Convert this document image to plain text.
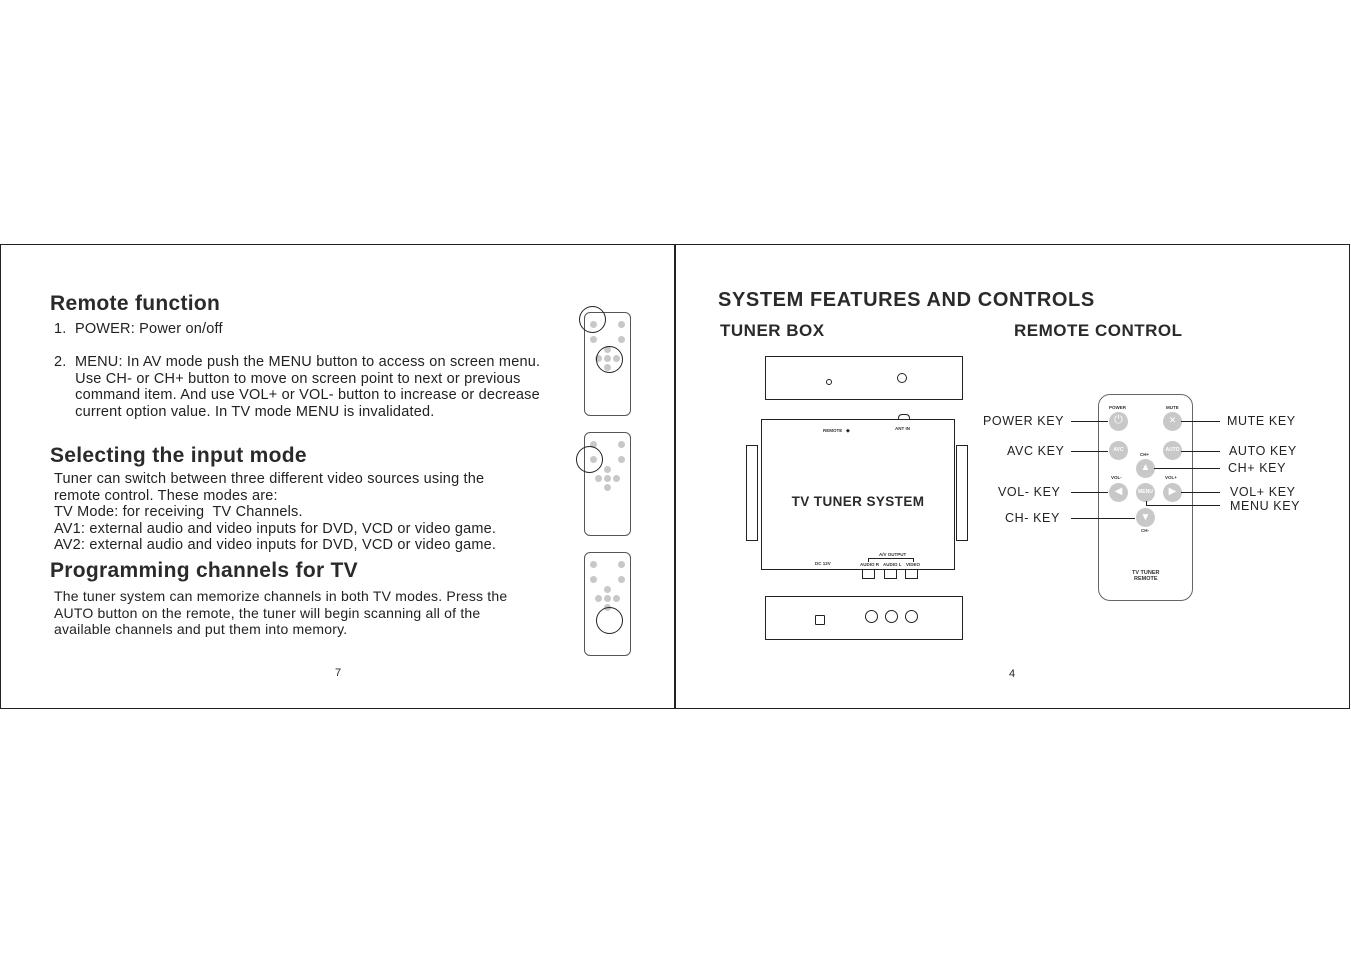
Remote function
1.  POWER: Power on/off
2.  MENU: In AV mode push the MENU button to access on screen menu.
Use CH- or CH+ button to move on screen point to next or previous
command item. And use VOL+ or VOL- button to increase or decrease
current option value. In TV mode MENU is invalidated.
Selecting the input mode
Tuner can switch between three different video sources using the
remote control. These modes are:
TV Mode: for receiving  TV Channels.
AV1: external audio and video inputs for DVD, VCD or video game.
AV2: external audio and video inputs for DVD, VCD or video game.
Programming channels for TV
The tuner system can memorize channels in both TV modes. Press the
AUTO button on the remote, the tuner will begin scanning all of the
available channels and put them into memory.
7
SYSTEM FEATURES AND CONTROLS
TUNER BOX	REMOTE CONTROL
REMOTE ◆	ANT IN
TV TUNER SYSTEM
DC 12V
A/V OUTPUT
AUDIO R AUDIO L VIDEO
POWER	MUTE
⏻	✕
AVC	AUTO
CH+
▲
VOL-	VOL+
◀	MENU	▶
▼
CH-
TV TUNER
REMOTE
POWER KEY
AVC KEY
VOL- KEY
CH- KEY
MUTE KEY
AUTO KEY
CH+ KEY
VOL+ KEY
MENU KEY
4
